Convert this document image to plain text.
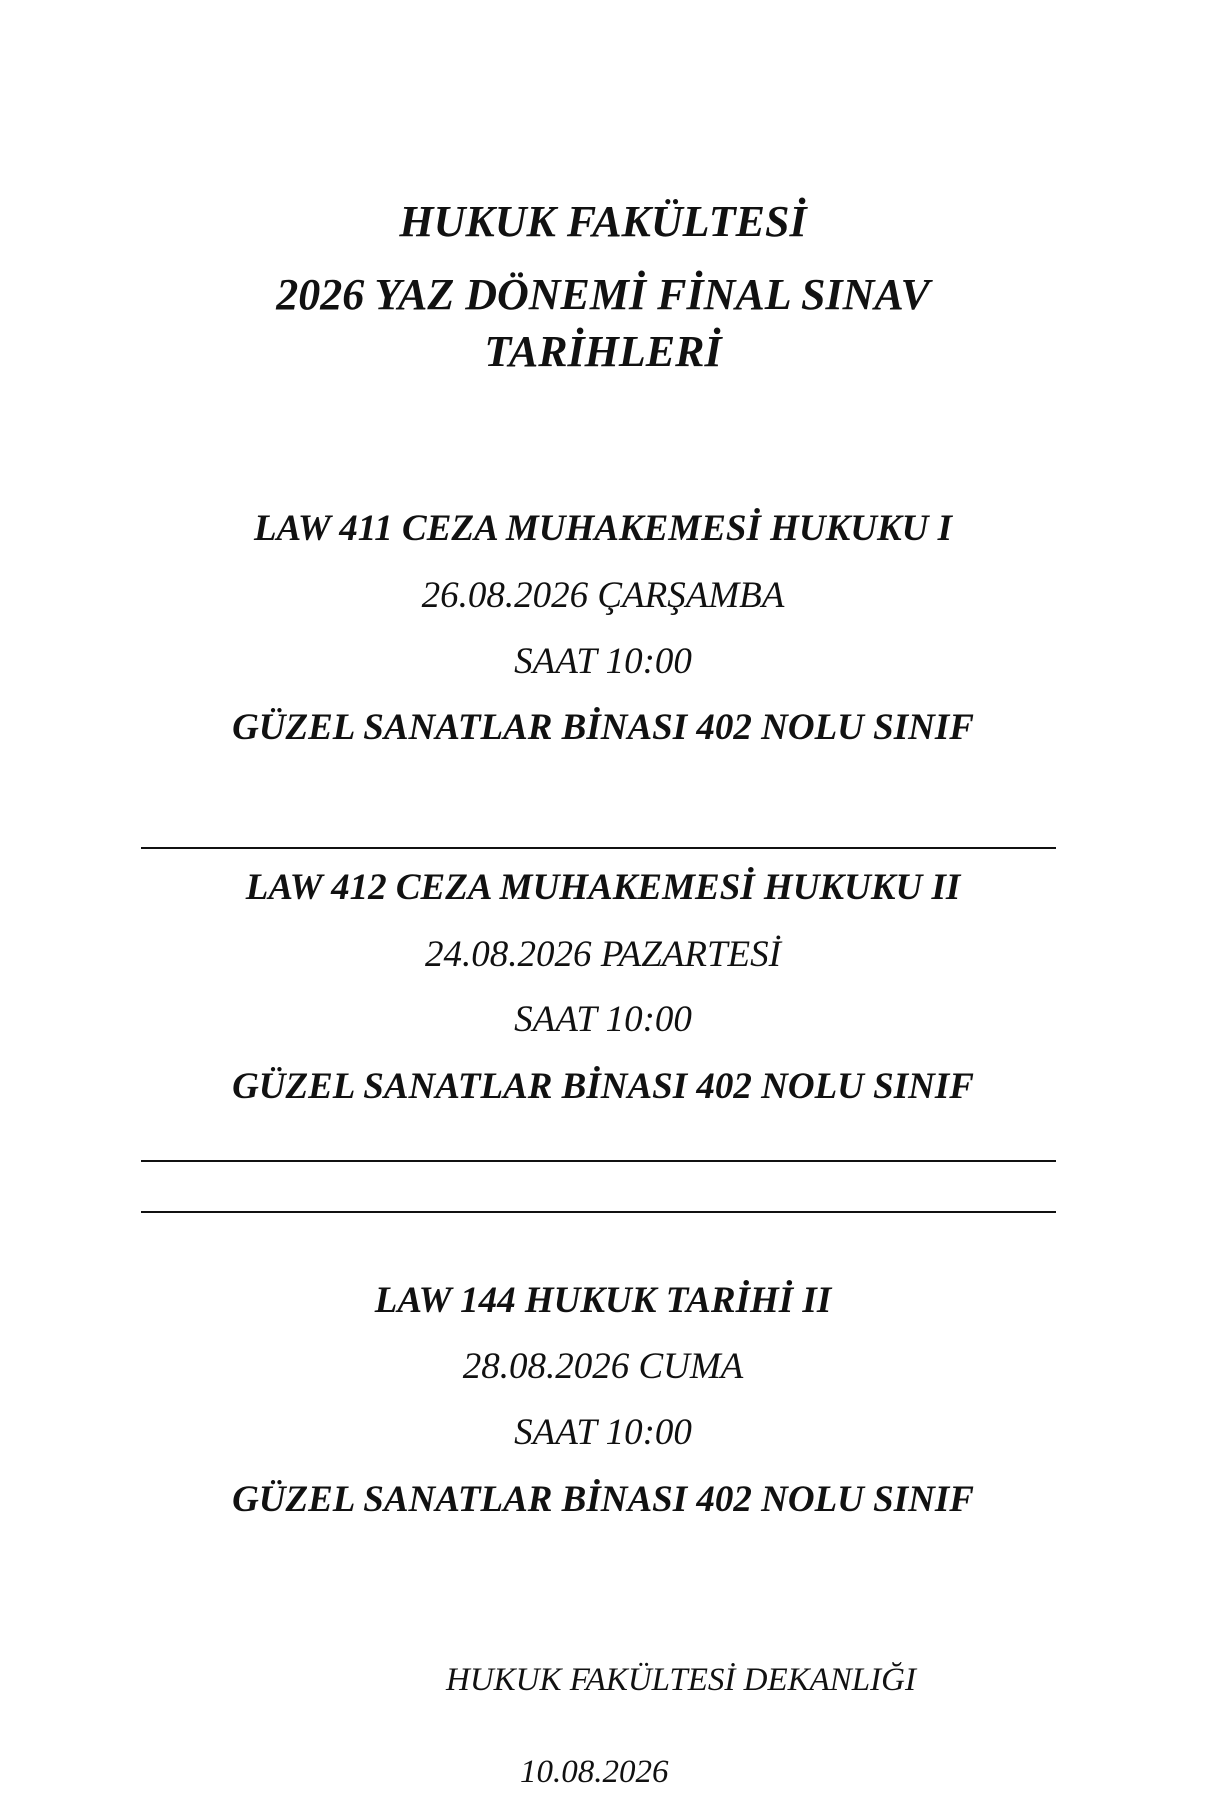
HUKUK FAKÜLTESİ
2026 YAZ DÖNEMİ FİNAL SINAV
TARİHLERİ
LAW 411 CEZA MUHAKEMESİ HUKUKU I
26.08.2026 ÇARŞAMBA
SAAT 10:00
GÜZEL SANATLAR BİNASI 402 NOLU SINIF
LAW 412 CEZA MUHAKEMESİ HUKUKU II
24.08.2026 PAZARTESİ
SAAT 10:00
GÜZEL SANATLAR BİNASI 402 NOLU SINIF
LAW 144 HUKUK TARİHİ II
28.08.2026 CUMA
SAAT 10:00
GÜZEL SANATLAR BİNASI 402 NOLU SINIF
HUKUK FAKÜLTESİ DEKANLIĞI
10.08.2026
